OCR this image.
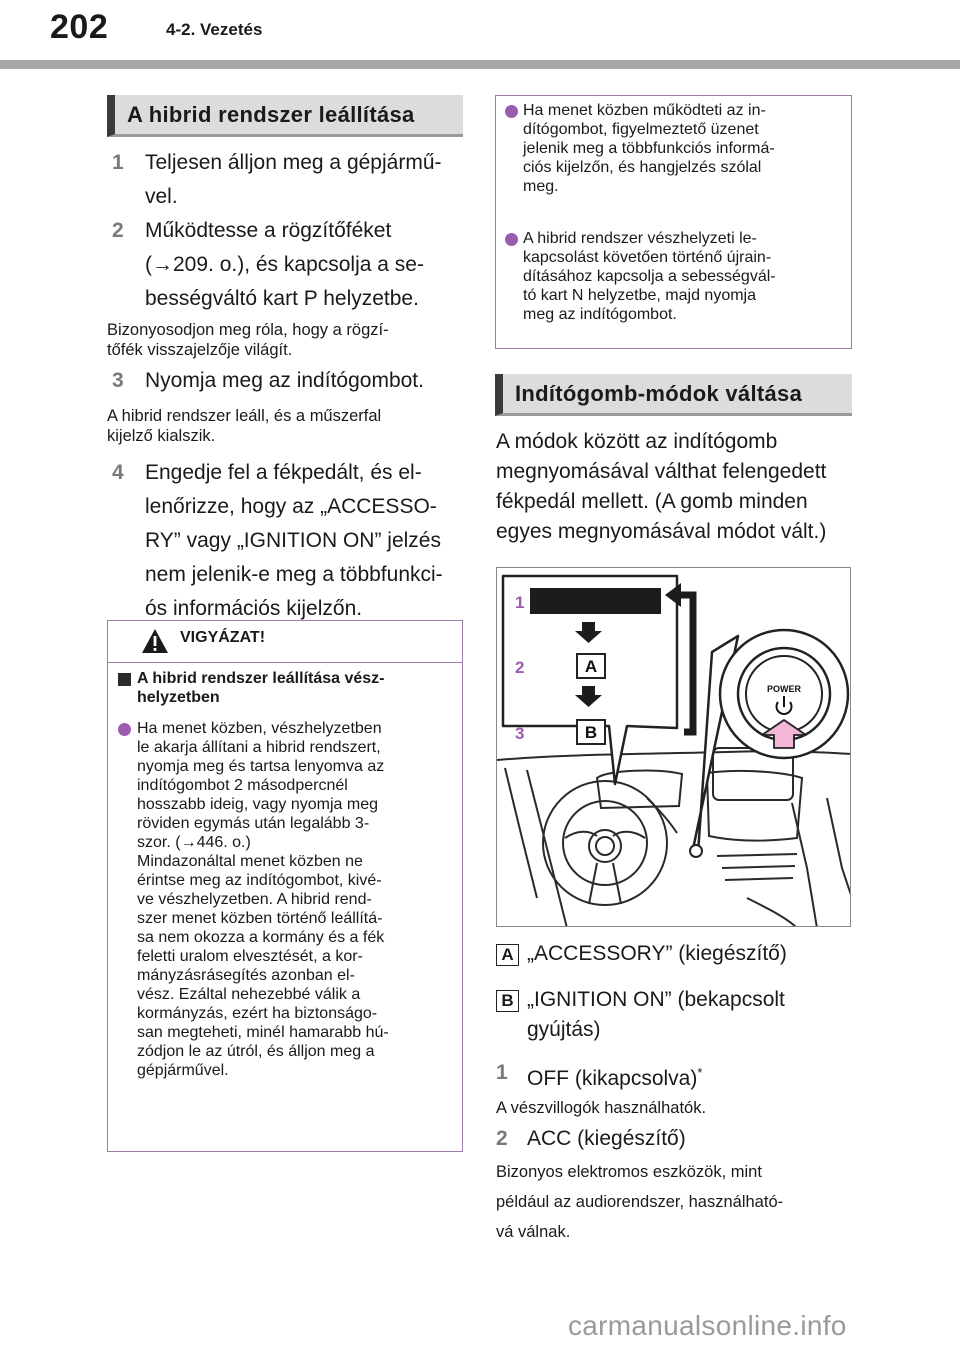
202	4-2. Vezetés
A hibrid rendszer leállítása
1 Teljesen álljon meg a gépjármű-
vel.
2 Működtesse a rögzítőféket
(→209. o.), és kapcsolja a se-
bességváltó kart P helyzetbe.
Bizonyosodjon meg róla, hogy a rögzí-
tőfék visszajelzője világít.
3 Nyomja meg az indítógombot.
A hibrid rendszer leáll, és a műszerfal
kijelző kialszik.
4 Engedje fel a fékpedált, és el-
lenőrizze, hogy az „ACCESSO-
RY” vagy „IGNITION ON” jelzés
nem jelenik-e meg a többfunkci-
ós információs kijelzőn.
VIGYÁZAT!
A hibrid rendszer leállítása vész-
helyzetben
Ha menet közben, vészhelyzetben
le akarja állítani a hibrid rendszert,
nyomja meg és tartsa lenyomva az
indítógombot 2 másodpercnél
hosszabb ideig, vagy nyomja meg
röviden egymás után legalább 3-
szor. (→446. o.)
Mindazonáltal menet közben ne
érintse meg az indítógombot, kivé-
ve vészhelyzetben. A hibrid rend-
szer menet közben történő leállítá-
sa nem okozza a kormány és a fék
feletti uralom elvesztését, a kor-
mányzásrásegítés azonban el-
vész. Ezáltal nehezebbé válik a
kormányzás, ezért ha biztonságo-
san megteheti, minél hamarabb hú-
zódjon le az útról, és álljon meg a
gépjárművel.
Ha menet közben működteti az in-
dítógombot, figyelmeztető üzenet
jelenik meg a többfunkciós informá-
ciós kijelzőn, és hangjelzés szólal
meg.
A hibrid rendszer vészhelyzeti le-
kapcsolást követően történő újrain-
dításához kapcsolja a sebességvál-
tó kart N helyzetbe, majd nyomja
meg az indítógombot.
Indítógomb-módok váltása
A módok között az indítógomb
megnyomásával válthat felengedett
fékpedál mellett. (A gomb minden
egyes megnyomásával módot vált.)
A
B
1
2
3
POWER
A „ACCESSORY” (kiegészítő)
B „IGNITION ON” (bekapcsolt
gyújtás)
1 OFF (kikapcsolva)*
A vészvillogók használhatók.
2 ACC (kiegészítő)
Bizonyos elektromos eszközök, mint
például az audiorendszer, használható-
vá válnak.
carmanualsonline.info
